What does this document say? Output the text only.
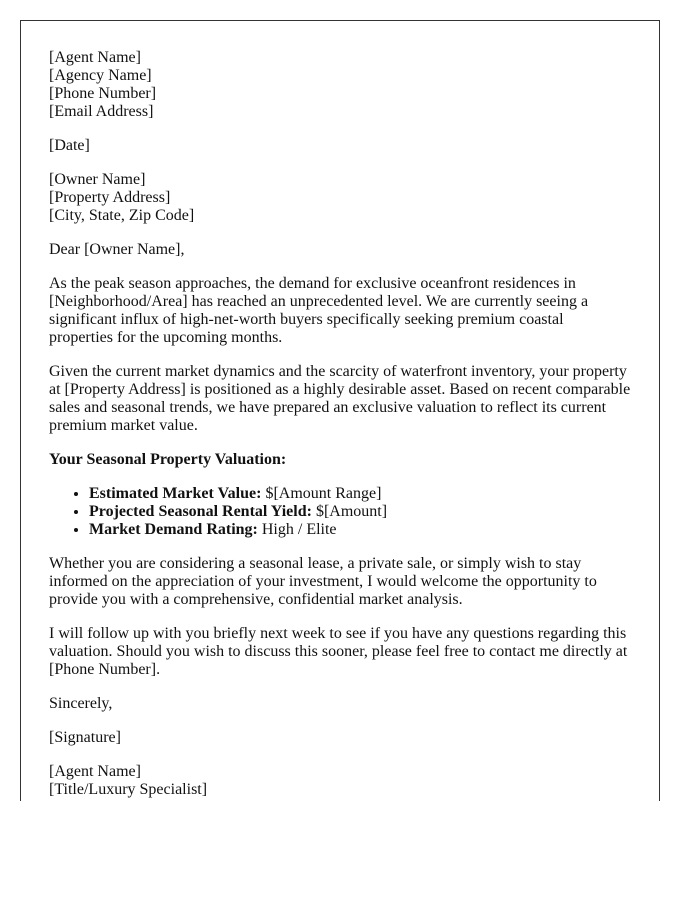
[Agent Name]

[Agency Name]

[Phone Number]

[Email Address]

[Date]

[Owner Name]

[Property Address]

[City, State, Zip Code]

Dear [Owner Name],

As the peak season approaches, the demand for exclusive oceanfront residences in [Neighborhood/Area] has reached an unprecedented level. We are currently seeing a significant influx of high-net-worth buyers specifically seeking premium coastal properties for the upcoming months.

Given the current market dynamics and the scarcity of waterfront inventory, your property at [Property Address] is positioned as a highly desirable asset. Based on recent comparable sales and seasonal trends, we have prepared an exclusive valuation to reflect its current premium market value.

Your Seasonal Property Valuation:

• Estimated Market Value: $[Amount Range]
• Projected Seasonal Rental Yield: $[Amount]
• Market Demand Rating: High / Elite

Whether you are considering a seasonal lease, a private sale, or simply wish to stay informed on the appreciation of your investment, I would welcome the opportunity to provide you with a comprehensive, confidential market analysis.

I will follow up with you briefly next week to see if you have any questions regarding this valuation. Should you wish to discuss this sooner, please feel free to contact me directly at [Phone Number].

Sincerely,

[Signature]

[Agent Name]

[Title/Luxury Specialist]
